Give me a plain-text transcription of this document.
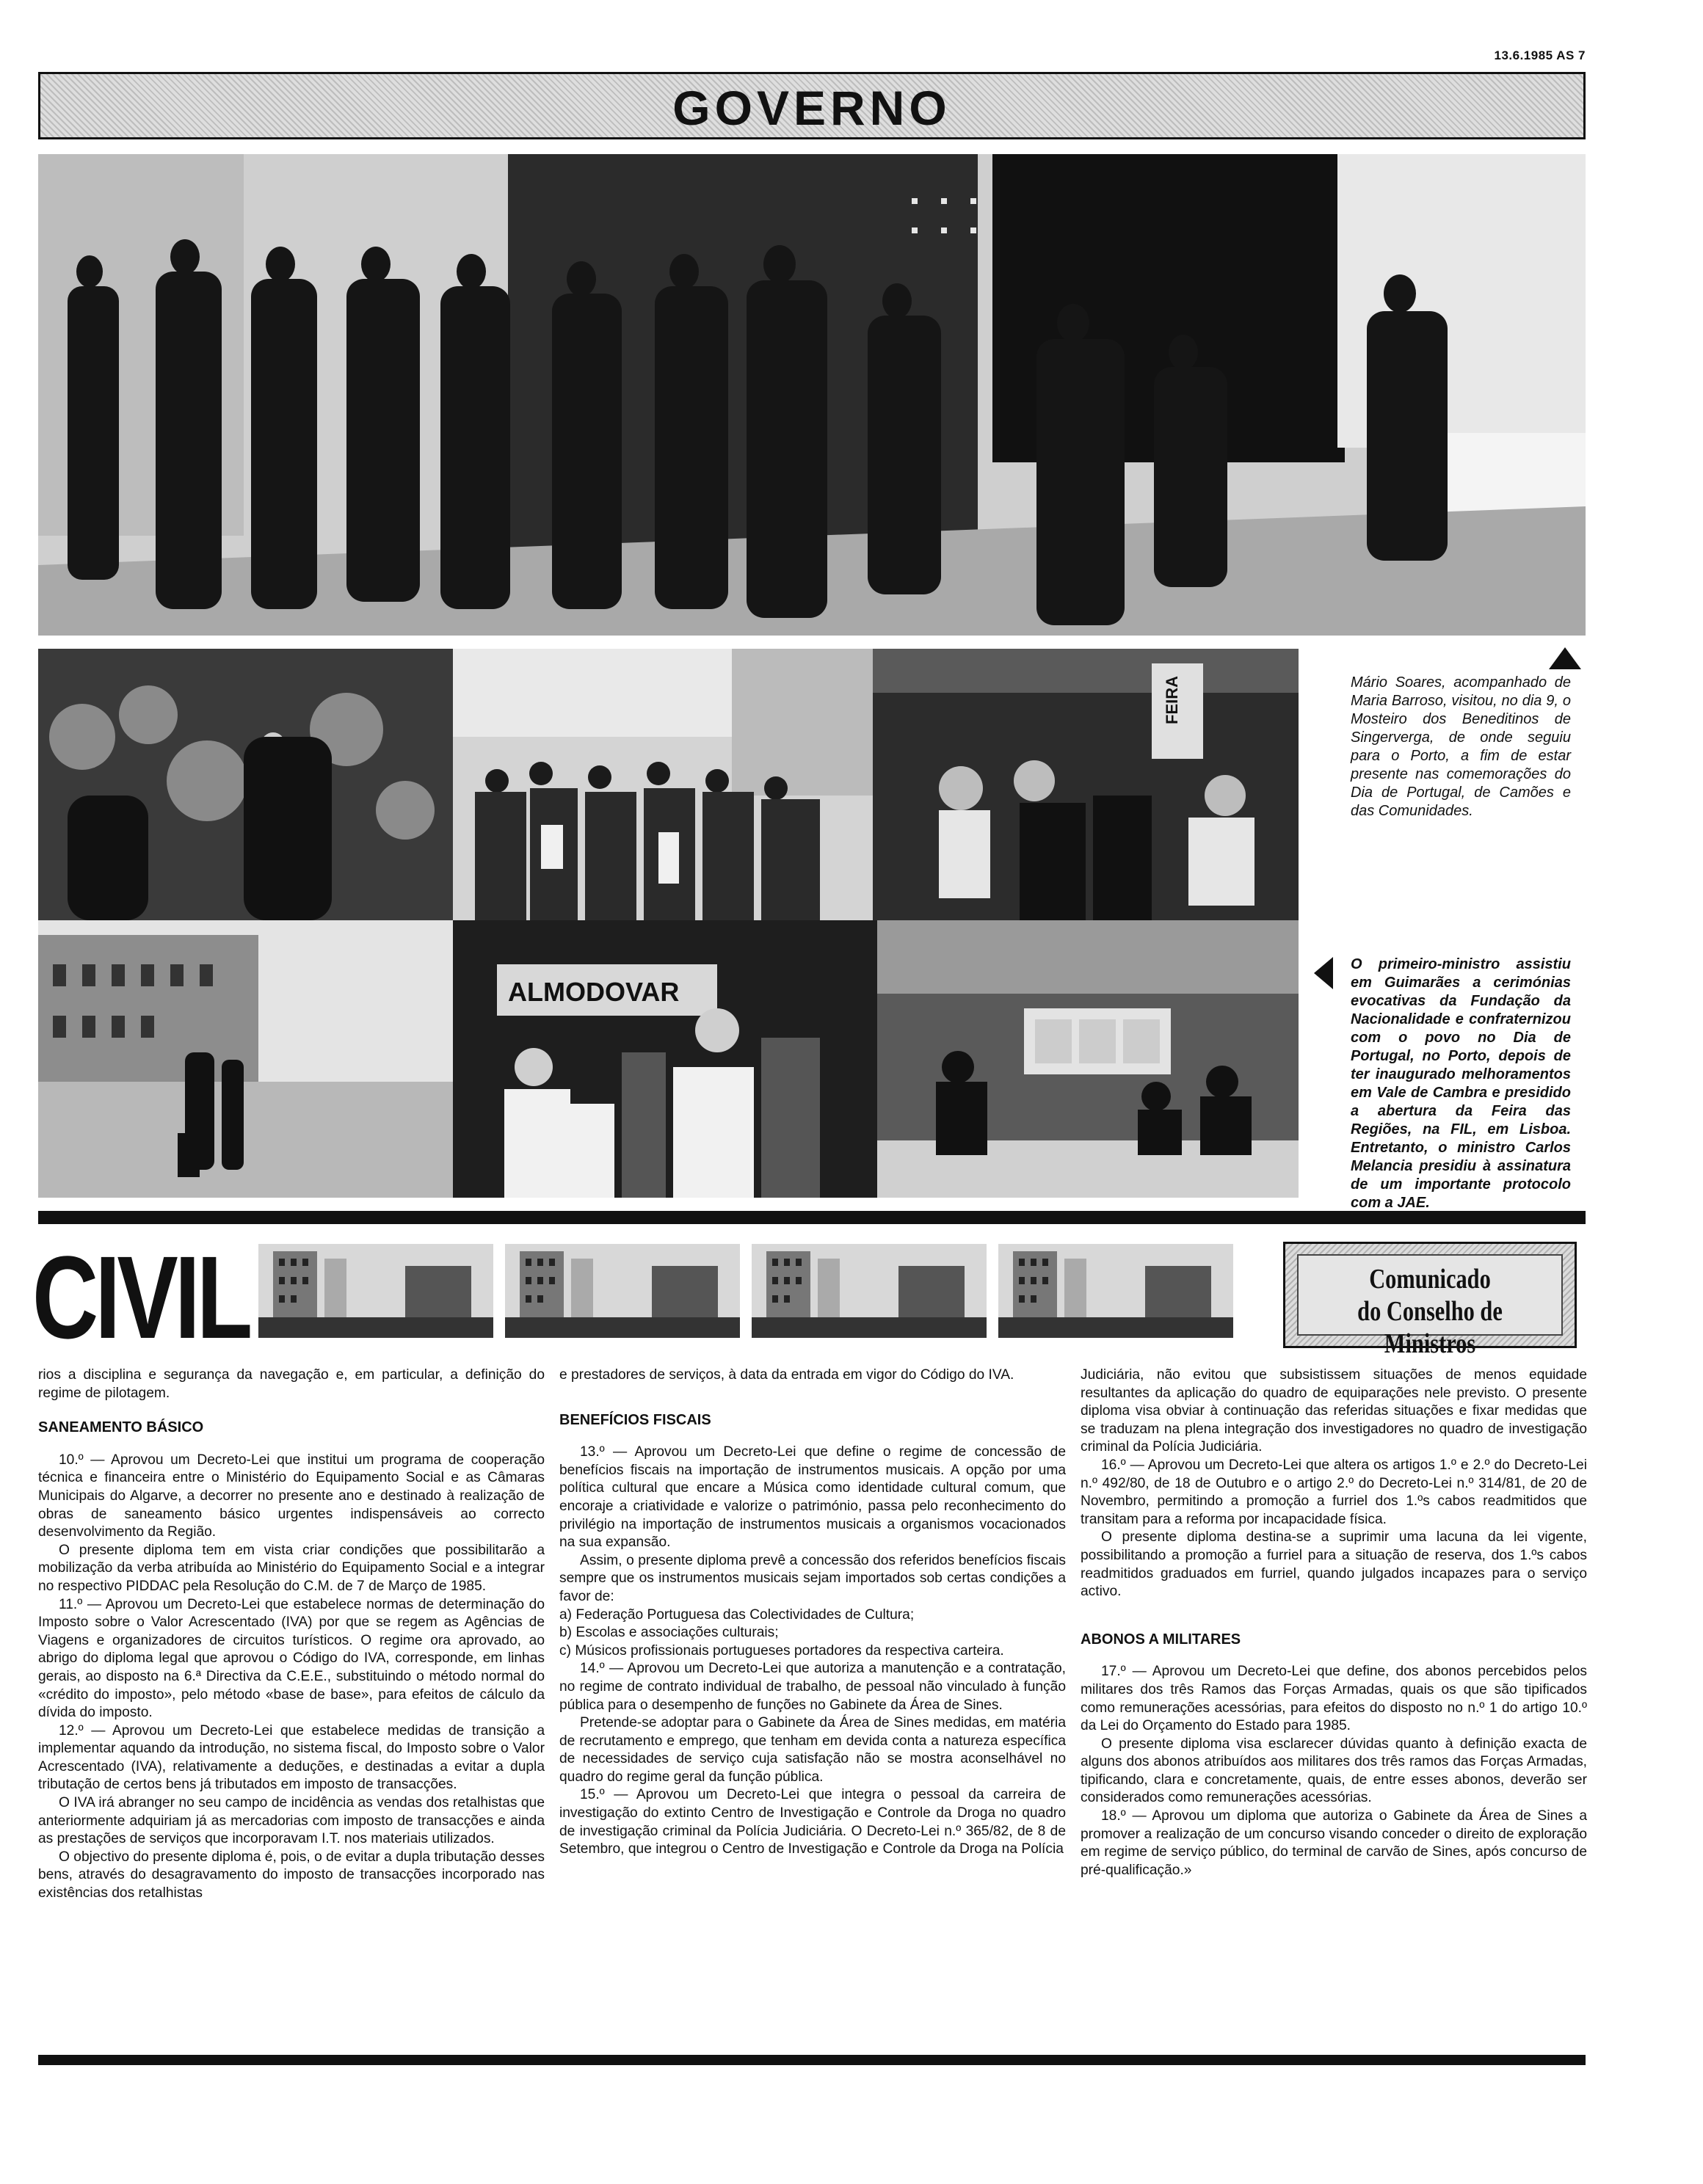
13.6.1985 AS 7
GOVERNO
FEIRA
ALMODOVAR
Mário Soares, acompanhado de Maria Barroso, visitou, no dia 9, o Mosteiro dos Beneditinos de Singerverga, de onde seguiu para o Porto, a fim de estar presente nas comemorações do Dia de Portugal, de Camões e das Comunidades.
O primeiro-ministro assistiu em Guimarães a cerimónias evocativas da Fundação da Nacionalidade e confraternizou com o povo no Dia de Portugal, no Porto, depois de ter inaugurado melhoramentos em Vale de Cambra e presidido a abertura da Feira das Regiões, na FIL, em Lisboa. Entretanto, o ministro Carlos Melancia presidiu à assinatura de um importante protocolo com a JAE.
CIVIL	Comunicado
do Conselho de Ministros

rios a disciplina e segurança da navegação e, em particular, a definição do regime de pilotagem.

SANEAMENTO BÁSICO

10.º — Aprovou um Decreto-Lei que institui um programa de cooperação técnica e financeira entre o Ministério do Equipamento Social e as Câmaras Municipais do Algarve, a decorrer no presente ano e destinado à realização de obras de saneamento básico urgentes indispensáveis ao correcto desenvolvimento da Região.

O presente diploma tem em vista criar condições que possibilitarão a mobilização da verba atribuída ao Ministério do Equipamento Social e a integrar no respectivo PIDDAC pela Resolução do C.M. de 7 de Março de 1985.

11.º — Aprovou um Decreto-Lei que estabelece normas de determinação do Imposto sobre o Valor Acrescentado (IVA) por que se regem as Agências de Viagens e organizadores de circuitos turísticos. O regime ora aprovado, ao abrigo do diploma legal que aprovou o Código do IVA, corresponde, em linhas gerais, ao disposto na 6.ª Directiva da C.E.E., substituindo o método normal do «crédito do imposto», pelo método «base de base», para efeitos de cálculo da dívida do imposto.

12.º — Aprovou um Decreto-Lei que estabelece medidas de transição a implementar aquando da introdução, no sistema fiscal, do Imposto sobre o Valor Acrescentado (IVA), relativamente a deduções, e destinadas a evitar a dupla tributação de certos bens já tributados em imposto de transacções.

O IVA irá abranger no seu campo de incidência as vendas dos retalhistas que anteriormente adquiriam já as mercadorias com imposto de transacções e ainda as prestações de serviços que incorporavam I.T. nos materiais utilizados.

O objectivo do presente diploma é, pois, o de evitar a dupla tributação desses bens, através do desagravamento do imposto de transacções incorporado nas existências dos retalhistas

e prestadores de serviços, à data da entrada em vigor do Código do IVA.

BENEFÍCIOS FISCAIS

13.º — Aprovou um Decreto-Lei que define o regime de concessão de benefícios fiscais na importação de instrumentos musicais. A opção por uma política cultural que encare a Música como identidade cultural comum, que encoraje a criatividade e valorize o património, passa pelo reconhecimento do privilégio na importação de instrumentos musicais a organismos vocacionados na sua expansão.

Assim, o presente diploma prevê a concessão dos referidos benefícios fiscais sempre que os instrumentos musicais sejam importados sob certas condições a favor de:

a) Federação Portuguesa das Colectividades de Cultura;

b) Escolas e associações culturais;

c) Músicos profissionais portugueses portadores da respectiva carteira.

14.º — Aprovou um Decreto-Lei que autoriza a manutenção e a contratação, no regime de contrato individual de trabalho, de pessoal não vinculado à função pública para o desempenho de funções no Gabinete da Área de Sines.

Pretende-se adoptar para o Gabinete da Área de Sines medidas, em matéria de recrutamento e emprego, que tenham em devida conta a natureza específica de necessidades de serviço cuja satisfação não se mostra aconselhável no quadro do regime geral da função pública.

15.º — Aprovou um Decreto-Lei que integra o pessoal da carreira de investigação do extinto Centro de Investigação e Controle da Droga no quadro de investigação criminal da Polícia Judiciária. O Decreto-Lei n.º 365/82, de 8 de Setembro, que integrou o Centro de Investigação e Controle da Droga na Polícia

Judiciária, não evitou que subsistissem situações de menos equidade resultantes da aplicação do quadro de equiparações nele previsto. O presente diploma visa obviar à continuação das referidas situações e fixar medidas que se traduzam na plena integração dos investigadores no quadro de investigação criminal da Polícia Judiciária.

16.º — Aprovou um Decreto-Lei que altera os artigos 1.º e 2.º do Decreto-Lei n.º 492/80, de 18 de Outubro e o artigo 2.º do Decreto-Lei n.º 314/81, de 20 de Novembro, permitindo a promoção a furriel dos 1.ºs cabos readmitidos que transitam para a reforma por incapacidade física.

O presente diploma destina-se a suprimir uma lacuna da lei vigente, possibilitando a promoção a furriel para a situação de reserva, dos 1.ºs cabos readmitidos graduados em furriel, quando julgados incapazes para o serviço activo.

ABONOS A MILITARES

17.º — Aprovou um Decreto-Lei que define, dos abonos percebidos pelos militares dos três Ramos das Forças Armadas, quais os que são tipificados como remunerações acessórias, para efeitos do disposto no n.º 1 do artigo 10.º da Lei do Orçamento do Estado para 1985.

O presente diploma visa esclarecer dúvidas quanto à definição exacta de alguns dos abonos atribuídos aos militares dos três ramos das Forças Armadas, tipificando, clara e concretamente, quais, de entre esses abonos, deverão ser considerados como remunerações acessórias.

18.º — Aprovou um diploma que autoriza o Gabinete da Área de Sines a promover a realização de um concurso visando conceder o direito de exploração em regime de serviço público, do terminal de carvão de Sines, após concurso de pré-qualificação.»
